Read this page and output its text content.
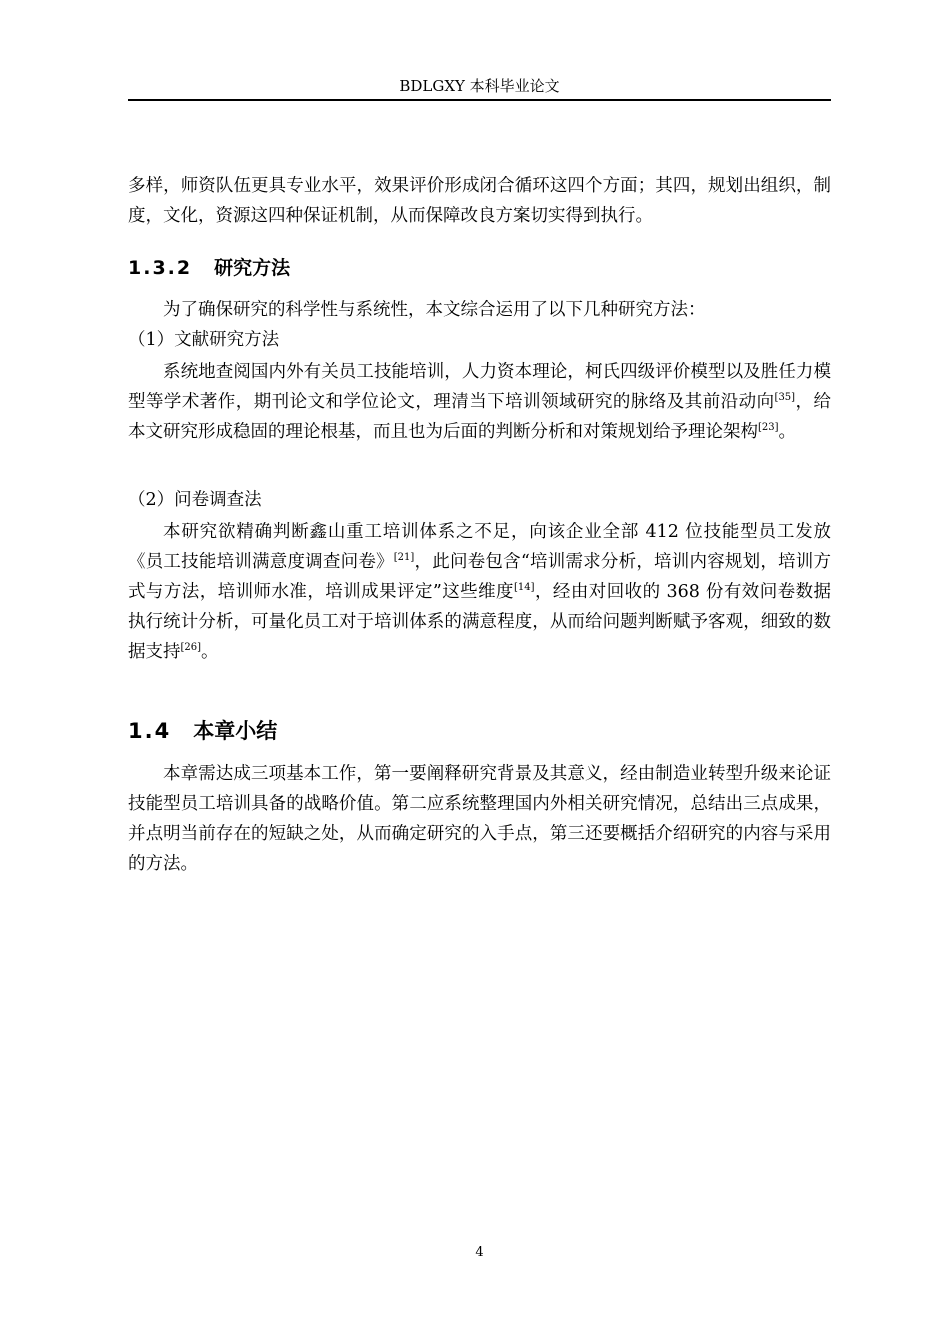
BDLGXY 本科毕业论文

多样，师资队伍更具专业水平，效果评价形成闭合循环这四个方面；其四，规划出组织，制度，文化，资源这四种保证机制，从而保障改良方案切实得到执行。

1.3.2 研究方法

为了确保研究的科学性与系统性，本文综合运用了以下几种研究方法：

（1）文献研究方法

系统地查阅国内外有关员工技能培训，人力资本理论，柯氏四级评价模型以及胜任力模型等学术著作，期刊论文和学位论文，理清当下培训领域研究的脉络及其前沿动向[35]，给本文研究形成稳固的理论根基，而且也为后面的判断分析和对策规划给予理论架构[23]。

（2）问卷调查法

本研究欲精确判断鑫山重工培训体系之不足，向该企业全部 412 位技能型员工发放《员工技能培训满意度调查问卷》[21]，此问卷包含“培训需求分析，培训内容规划，培训方式与方法，培训师水准，培训成果评定”这些维度[14]，经由对回收的 368 份有效问卷数据执行统计分析，可量化员工对于培训体系的满意程度，从而给问题判断赋予客观，细致的数据支持[26]。

1.4 本章小结

本章需达成三项基本工作，第一要阐释研究背景及其意义，经由制造业转型升级来论证技能型员工培训具备的战略价值。第二应系统整理国内外相关研究情况，总结出三点成果，并点明当前存在的短缺之处，从而确定研究的入手点，第三还要概括介绍研究的内容与采用的方法。

4
